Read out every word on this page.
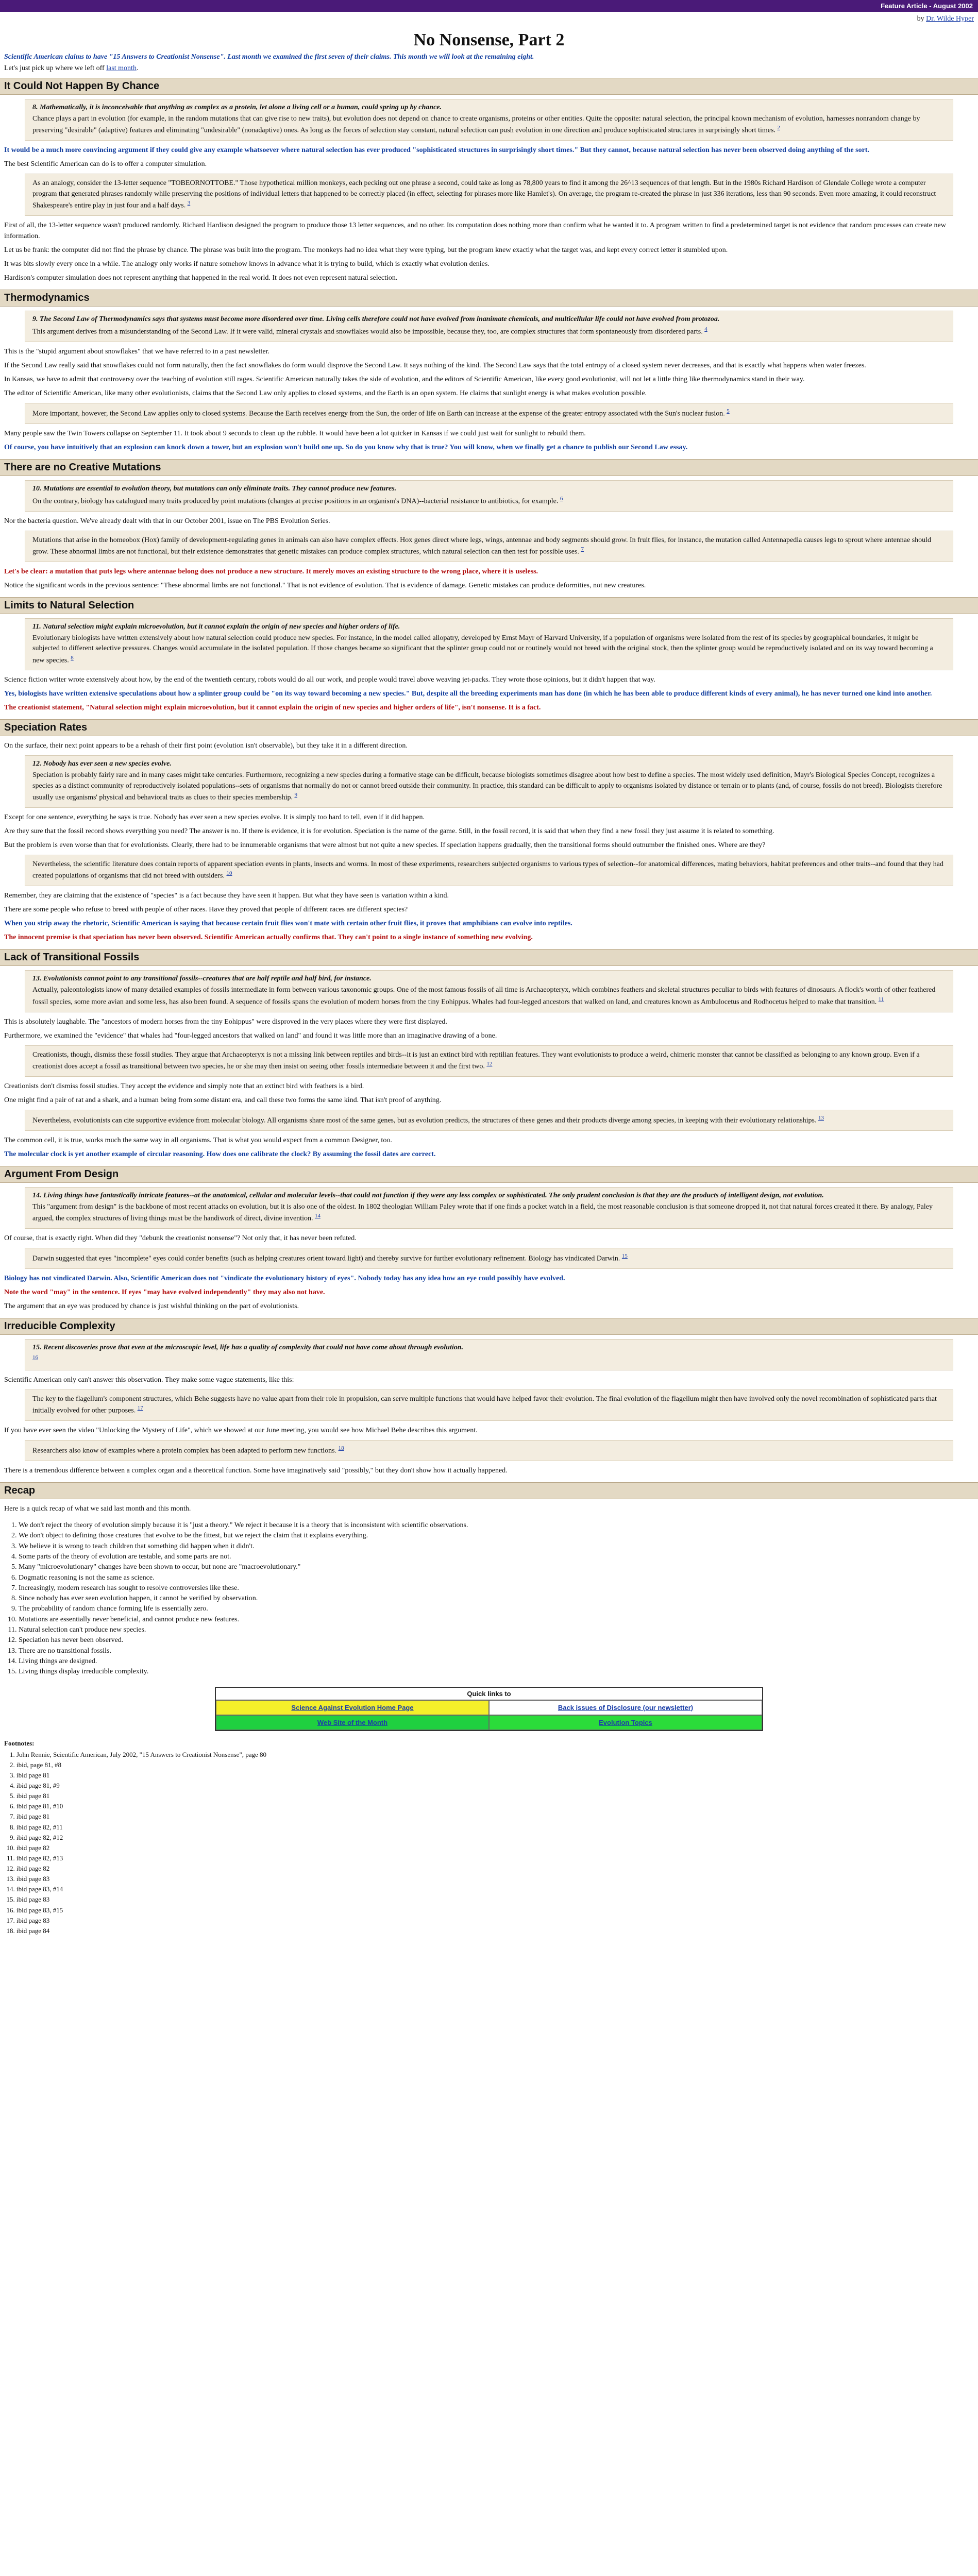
Feature Article - August 2002
by Dr. Wilde Hyper
No Nonsense, Part 2
Scientific American claims to have "15 Answers to Creationist Nonsense". Last month we examined the first seven of their claims. This month we will look at the remaining eight.
Let's just pick up where we left off last month.
It Could Not Happen By Chance
8. Mathematically, it is inconceivable that anything as complex as a protein, let alone a living cell or a human, could spring up by chance.
Chance plays a part in evolution (for example, in the random mutations that can give rise to new traits), but evolution does not depend on chance to create organisms, proteins or other entities. Quite the opposite: natural selection, the principal known mechanism of evolution, harnesses nonrandom change by preserving "desirable" (adaptive) features and eliminating "undesirable" (nonadaptive) ones. As long as the forces of selection stay constant, natural selection can push evolution in one direction and produce sophisticated structures in surprisingly short times. $^2$
It would be a much more convincing argument if they could give any example whatsoever where natural selection has ever produced "sophisticated structures in surprisingly short times." But they cannot, because natural selection has never been observed doing anything of the sort.
The best Scientific American can do is to offer a computer simulation.
As an analogy, consider the 13-letter sequence "TOBEORNOTTOBE." Those hypothetical million monkeys, each pecking out one phrase a second, could take as long as 78,800 years to find it among the 26^13 sequences of that length. But in the 1980s Richard Hardison of Glendale College wrote a computer program that generated phrases randomly while preserving the positions of individual letters that happened to be correctly placed (in effect, selecting for phrases more like Hamlet's). On average, the program re-created the phrase in just 336 iterations, less than 90 seconds. Even more amazing, it could reconstruct Shakespeare's entire play in just four and a half days. $^3$
First of all, the 13-letter sequence wasn't produced randomly. Richard Hardison designed the program to produce those 13 letter sequences, and no other. Its computation does nothing more than confirm what he wanted it to. A program written to find a predetermined target is not evidence that random processes can create new information.
Let us be frank: the computer did not find the phrase by chance. The phrase was built into the program. The monkeys had no idea what they were typing, but the program knew exactly what the target was, and kept every correct letter it stumbled upon.
It was bits slowly every once in a while. The analogy only works if nature somehow knows in advance what it is trying to build, which is exactly what evolution denies.
Hardison's computer simulation does not represent anything that happened in the real world. It does not even represent natural selection.
Thermodynamics
9. The Second Law of Thermodynamics says that systems must become more disordered over time. Living cells therefore could not have evolved from inanimate chemicals, and multicellular life could not have evolved from protozoa.
This argument derives from a misunderstanding of the Second Law. If it were valid, mineral crystals and snowflakes would also be impossible, because they, too, are complex structures that form spontaneously from disordered parts. $^4$
This is the "stupid argument about snowflakes" that we have referred to in a past newsletter.
If the Second Law really said that snowflakes could not form naturally, then the fact snowflakes do form would disprove the Second Law. It says nothing of the kind. The Second Law says that the total entropy of a closed system never decreases, and that is exactly what happens when water freezes.
In Kansas, we have to admit that controversy over the teaching of evolution still rages. Scientific American naturally takes the side of evolution, and the editors of Scientific American, like every good evolutionist, will not let a little thing like thermodynamics stand in their way.
The editor of Scientific American, like many other evolutionists, claims that the Second Law only applies to closed systems, and the Earth is an open system. He claims that sunlight energy is what makes evolution possible.
More important, however, the Second Law applies only to closed systems. Because the Earth receives energy from the Sun, the order of life on Earth can increase at the expense of the greater entropy associated with the Sun's nuclear fusion. $^5$
Many people saw the Twin Towers collapse on September 11. It took about 9 seconds to clean up the rubble. It would have been a lot quicker in Kansas if we could just wait for sunlight to rebuild them.
Of course, you have intuitively that an explosion can knock down a tower, but an explosion won't build one up. So do you know why that is true? You will know, when we finally get a chance to publish our Second Law essay.
There are no Creative Mutations
10. Mutations are essential to evolution theory, but mutations can only eliminate traits. They cannot produce new features.
On the contrary, biology has catalogued many traits produced by point mutations (changes at precise positions in an organism's DNA)--bacterial resistance to antibiotics, for example. $^6$
Nor the bacteria question. We've already dealt with that in our October 2001, issue on The PBS Evolution Series.
Mutations that arise in the homeobox (Hox) family of development-regulating genes in animals can also have complex effects. Hox genes direct where legs, wings, antennae and body segments should grow. In fruit flies, for instance, the mutation called Antennapedia causes legs to sprout where antennae should grow. These abnormal limbs are not functional, but their existence demonstrates that genetic mistakes can produce complex structures, which natural selection can then test for possible uses. $^7$
Let's be clear: a mutation that puts legs where antennae belong does not produce a new structure. It merely moves an existing structure to the wrong place, where it is useless.
Notice the significant words in the previous sentence: "These abnormal limbs are not functional." That is not evidence of evolution. That is evidence of damage. Genetic mistakes can produce deformities, not new creatures.
Limits to Natural Selection
11. Natural selection might explain microevolution, but it cannot explain the origin of new species and higher orders of life.
Evolutionary biologists have written extensively about how natural selection could produce new species. For instance, in the model called allopatry, developed by Ernst Mayr of Harvard University, if a population of organisms were isolated from the rest of its species by geographical boundaries, it might be subjected to different selective pressures. Changes would accumulate in the isolated population. If those changes became so significant that the splinter group could not or routinely would not breed with the original stock, then the splinter group would be reproductively isolated and on its way toward becoming a new species. $^8$
Science fiction writer wrote extensively about how, by the end of the twentieth century, robots would do all our work, and people would travel above weaving jet-packs. They wrote those opinions, but it didn't happen that way.
Yes, biologists have written extensive speculations about how a splinter group could be "on its way toward becoming a new species." But, despite all the breeding experiments man has done (in which he has been able to produce different kinds of every animal), he has never turned one kind into another.
The creationist statement, "Natural selection might explain microevolution, but it cannot explain the origin of new species and higher orders of life", isn't nonsense. It is a fact.
Speciation Rates
On the surface, their next point appears to be a rehash of their first point (evolution isn't observable), but they take it in a different direction.
12. Nobody has ever seen a new species evolve.
Speciation is probably fairly rare and in many cases might take centuries. Furthermore, recognizing a new species during a formative stage can be difficult, because biologists sometimes disagree about how best to define a species. The most widely used definition, Mayr's Biological Species Concept, recognizes a species as a distinct community of reproductively isolated populations--sets of organisms that normally do not or cannot breed outside their community. In practice, this standard can be difficult to apply to organisms isolated by distance or terrain or to plants (and, of course, fossils do not breed). Biologists therefore usually use organisms' physical and behavioral traits as clues to their species membership. $^9$
Except for one sentence, everything he says is true. Nobody has ever seen a new species evolve. It is simply too hard to tell, even if it did happen.
Are they sure that the fossil record shows everything you need? The answer is no. If there is evidence, it is for evolution. Speciation is the name of the game. Still, in the fossil record, it is said that when they find a new fossil they just assume it is related to something.
But the problem is even worse than that for evolutionists. Clearly, there had to be innumerable organisms that were almost but not quite a new species. If speciation happens gradually, then the transitional forms should outnumber the finished ones. Where are they?
Nevertheless, the scientific literature does contain reports of apparent speciation events in plants, insects and worms. In most of these experiments, researchers subjected organisms to various types of selection--for anatomical differences, mating behaviors, habitat preferences and other traits--and found that they had created populations of organisms that did not breed with outsiders. $^{10}$
Remember, they are claiming that the existence of "species" is a fact because they have seen it happen. But what they have seen is variation within a kind.
There are some people who refuse to breed with people of other races. Have they proved that people of different races are different species?
When you strip away the rhetoric, Scientific American is saying that because certain fruit flies won't mate with certain other fruit flies, it proves that amphibians can evolve into reptiles.
The innocent premise is that speciation has never been observed. Scientific American actually confirms that. They can't point to a single instance of something new evolving.
Lack of Transitional Fossils
13. Evolutionists cannot point to any transitional fossils--creatures that are half reptile and half bird, for instance.
Actually, paleontologists know of many detailed examples of fossils intermediate in form between various taxonomic groups. One of the most famous fossils of all time is Archaeopteryx, which combines feathers and skeletal structures peculiar to birds with features of dinosaurs. A flock's worth of other feathered fossil species, some more avian and some less, has also been found. A sequence of fossils spans the evolution of modern horses from the tiny Eohippus. Whales had four-legged ancestors that walked on land, and creatures known as Ambulocetus and Rodhocetus helped to make that transition. $^{11}$
This is absolutely laughable. The "ancestors of modern horses from the tiny Eohippus" were disproved in the very places where they were first displayed.
Furthermore, we examined the "evidence" that whales had "four-legged ancestors that walked on land" and found it was little more than an imaginative drawing of a bone.
Creationists, though, dismiss these fossil studies. They argue that Archaeopteryx is not a missing link between reptiles and birds--it is just an extinct bird with reptilian features. They want evolutionists to produce a weird, chimeric monster that cannot be classified as belonging to any known group. Even if a creationist does accept a fossil as transitional between two species, he or she may then insist on seeing other fossils intermediate between it and the first two. $^{12}$
Creationists don't dismiss fossil studies. They accept the evidence and simply note that an extinct bird with feathers is a bird.
One might find a pair of rat and a shark, and a human being from some distant era, and call these two forms the same kind. That isn't proof of anything.
Nevertheless, evolutionists can cite supportive evidence from molecular biology. All organisms share most of the same genes, but as evolution predicts, the structures of these genes and their products diverge among species, in keeping with their evolutionary relationships. $^{13}$
The common cell, it is true, works much the same way in all organisms. That is what you would expect from a common Designer, too.
The molecular clock is yet another example of circular reasoning. How does one calibrate the clock? By assuming the fossil dates are correct.
Argument From Design
14. Living things have fantastically intricate features--at the anatomical, cellular and molecular levels--that could not function if they were any less complex or sophisticated. The only prudent conclusion is that they are the products of intelligent design, not evolution.
This "argument from design" is the backbone of most recent attacks on evolution, but it is also one of the oldest. In 1802 theologian William Paley wrote that if one finds a pocket watch in a field, the most reasonable conclusion is that someone dropped it, not that natural forces created it there. By analogy, Paley argued, the complex structures of living things must be the handiwork of direct, divine invention. $^{14}$
Of course, that is exactly right. When did they "debunk the creationist nonsense"? Not only that, it has never been refuted.
Darwin suggested that eyes "incomplete" eyes could confer benefits (such as helping creatures orient toward light) and thereby survive for further evolutionary refinement. Biology has vindicated Darwin. $^{15}$
Biology has not vindicated Darwin. Also, Scientific American does not "vindicate the evolutionary history of eyes". Nobody today has any idea how an eye could possibly have evolved.
Note the word "may" in the sentence. If eyes "may have evolved independently" they may also not have.
The argument that an eye was produced by chance is just wishful thinking on the part of evolutionists.
Irreducible Complexity
15. Recent discoveries prove that even at the microscopic level, life has a quality of complexity that could not have come about through evolution.
$^{16}$
Scientific American only can't answer this observation. They make some vague statements, like this:
The key to the flagellum's component structures, which Behe suggests have no value apart from their role in propulsion, can serve multiple functions that would have helped favor their evolution. The final evolution of the flagellum might then have involved only the novel recombination of sophisticated parts that initially evolved for other purposes. $^{17}$
If you have ever seen the video "Unlocking the Mystery of Life", which we showed at our June meeting, you would see how Michael Behe describes this argument.
Researchers also know of examples where a protein complex has been adapted to perform new functions. $^{18}$
There is a tremendous difference between a complex organ and a theoretical function. Some have imaginatively said "possibly," but they don't show how it actually happened.
Recap
Here is a quick recap of what we said last month and this month.
1. We don't reject the theory of evolution simply because it is "just a theory." We reject it because it is a theory that is inconsistent with scientific observations.
2. We don't object to defining those creatures that evolve to be the fittest, but we reject the claim that it explains everything.
3. We believe it is wrong to teach children that something did happen when it didn't.
4. Some parts of the theory of evolution are testable, and some parts are not.
5. Many "microevolutionary" changes have been shown to occur, but none are "macroevolutionary."
6. Dogmatic reasoning is not the same as science.
7. Increasingly, modern research has sought to resolve controversies like these.
8. Since nobody has ever seen evolution happen, it cannot be verified by observation.
9. The probability of random chance forming life is essentially zero.
10. Mutations are essentially never beneficial, and cannot produce new features.
11. Natural selection can't produce new species.
12. Speciation has never been observed.
13. There are no transitional fossils.
14. Living things are designed.
15. Living things display irreducible complexity.
Quick links to
Science Against Evolution Home Page	Back issues of Disclosure (our newsletter)
Web Site of the Month	Evolution Topics
Footnotes:
1. John Rennie, Scientific American, July 2002, "15 Answers to Creationist Nonsense", page 80
2. ibid, page 81, #8
3. ibid page 81
4. ibid page 81, #9
5. ibid page 81
6. ibid page 81, #10
7. ibid page 81
8. ibid page 82, #11
9. ibid page 82, #12
10. ibid page 82
11. ibid page 82, #13
12. ibid page 82
13. ibid page 83
14. ibid page 83, #14
15. ibid page 83
16. ibid page 83, #15
17. ibid page 83
18. ibid page 84
